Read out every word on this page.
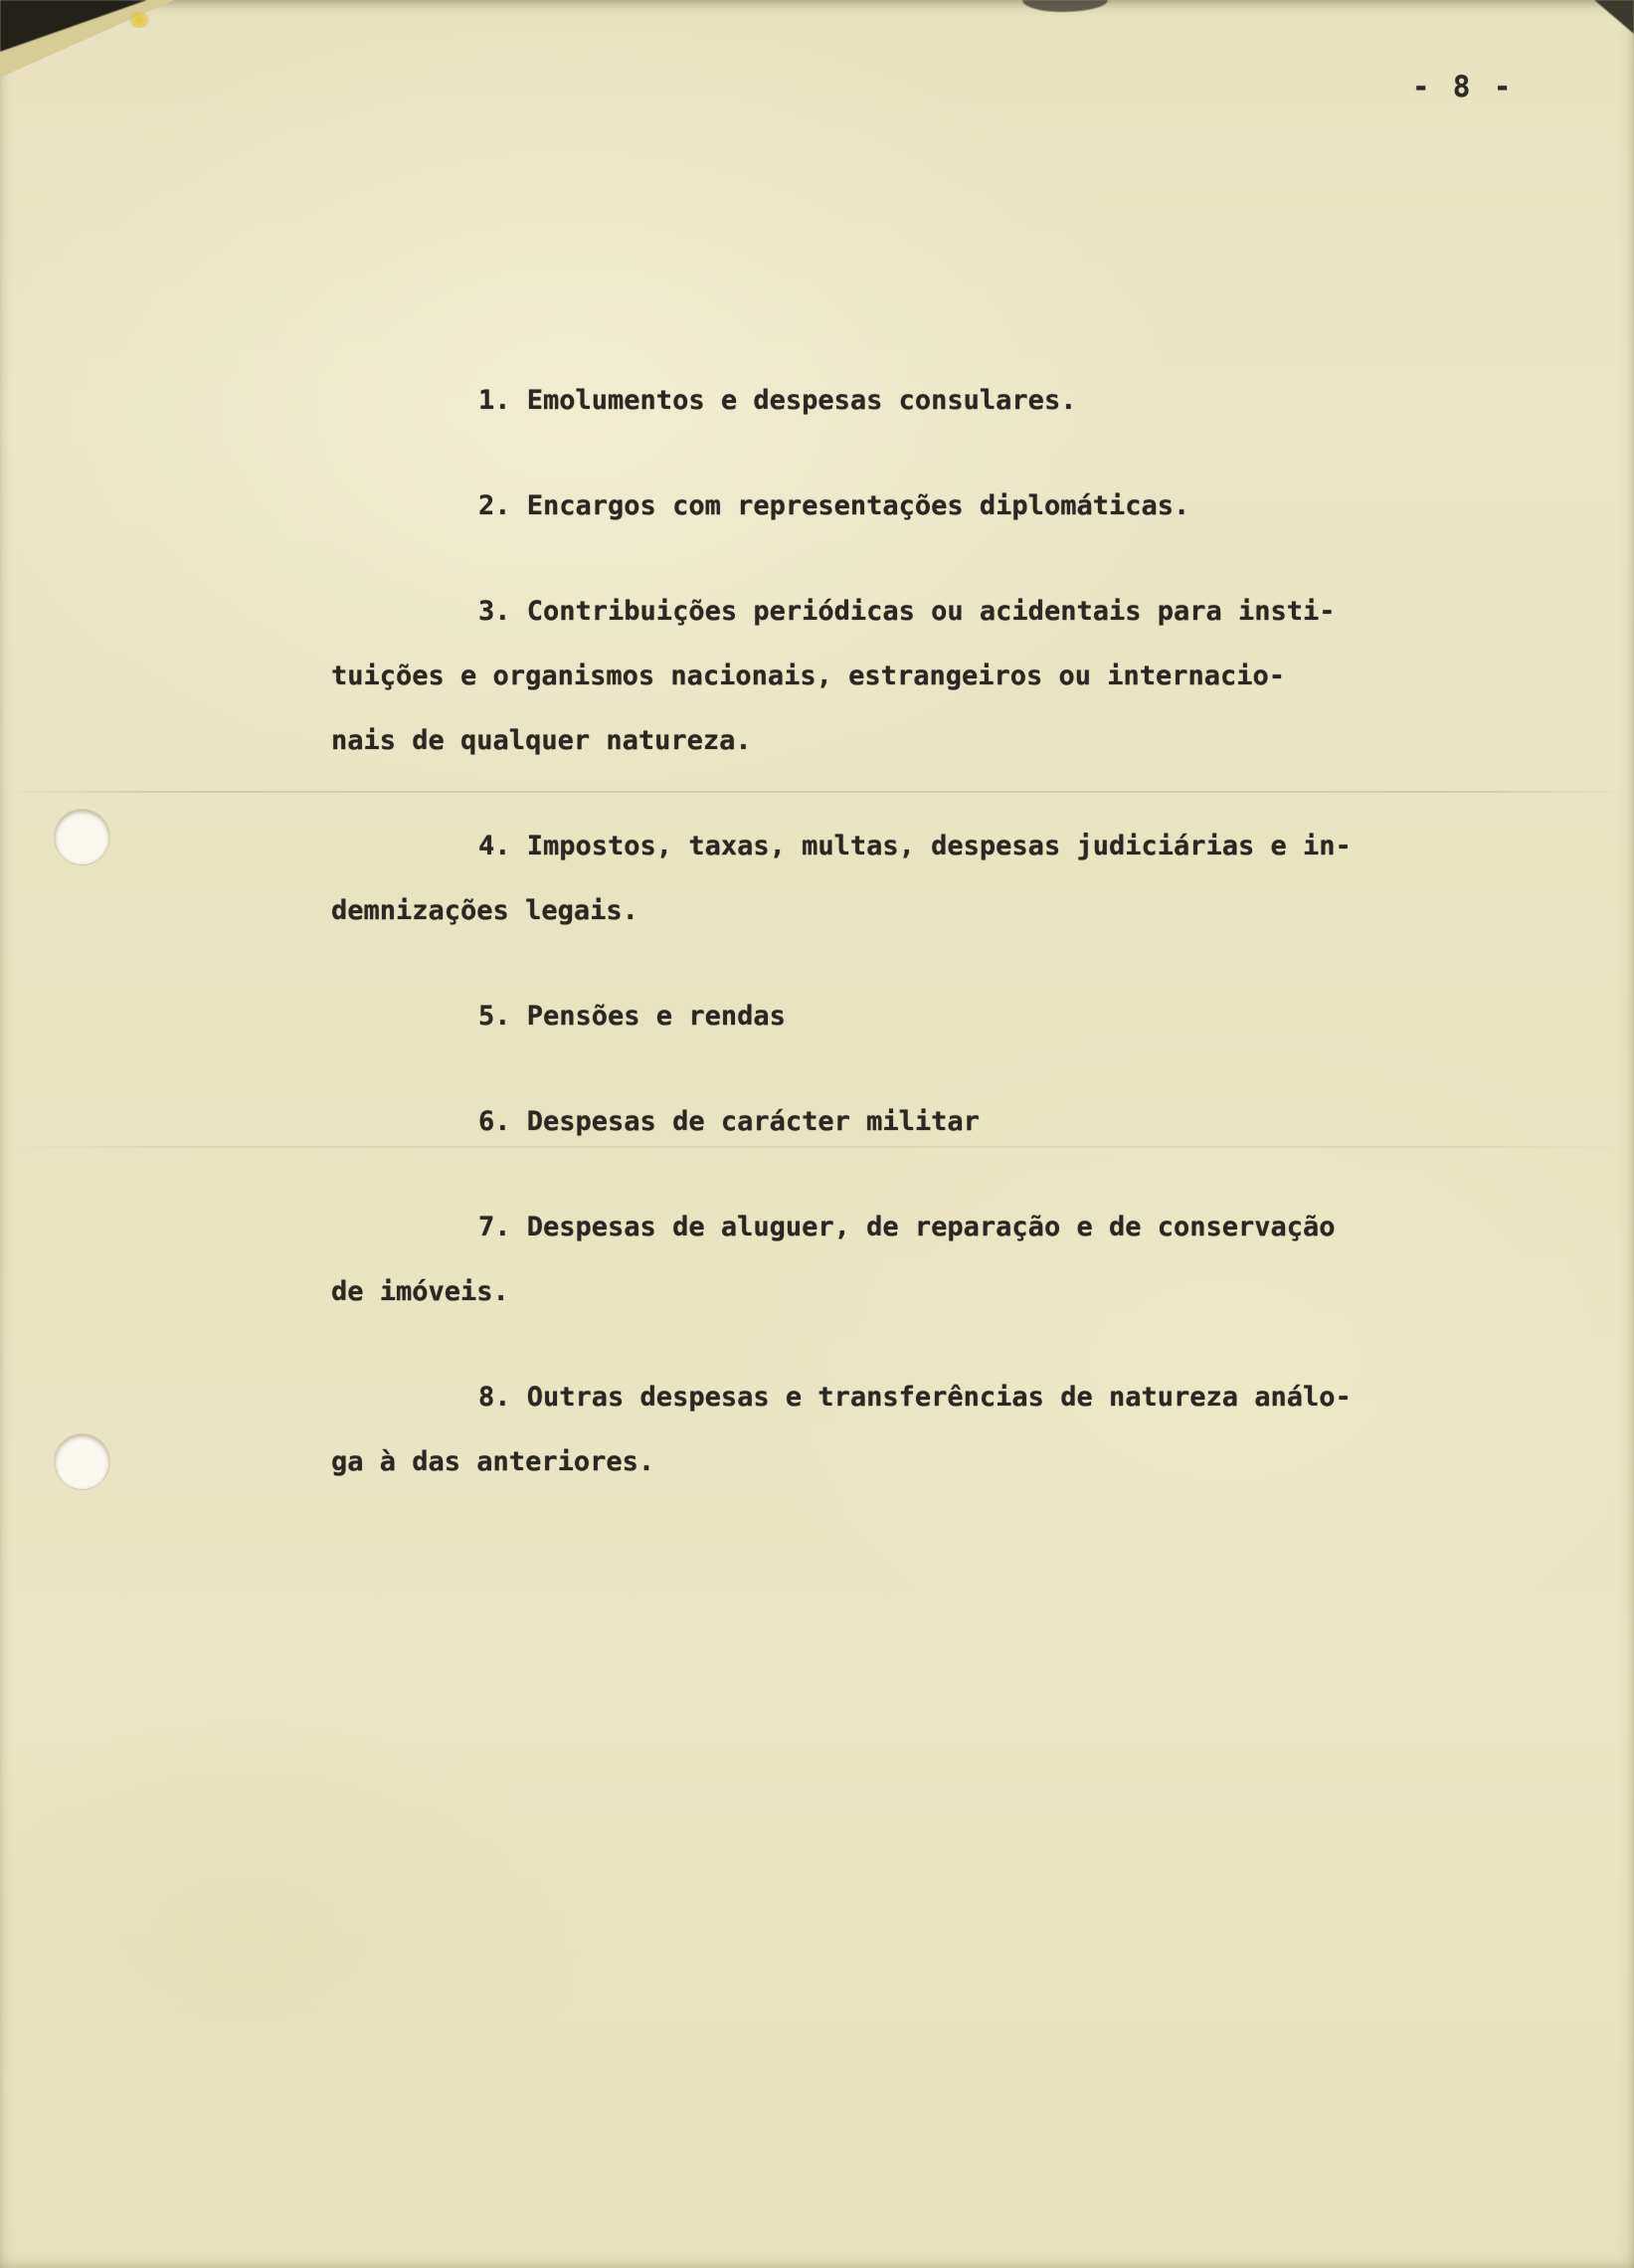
- 8 -

1. Emolumentos e despesas consulares.

2. Encargos com representações diplomáticas.

3. Contribuições periódicas ou acidentais para insti-
tuições e organismos nacionais, estrangeiros ou internacio-
nais de qualquer natureza.

4. Impostos, taxas, multas, despesas judiciárias e in-
demnizações legais.

5. Pensões e rendas

6. Despesas de carácter militar

7. Despesas de aluguer, de reparação e de conservação
de imóveis.

8. Outras despesas e transferências de natureza análo-
ga à das anteriores.
